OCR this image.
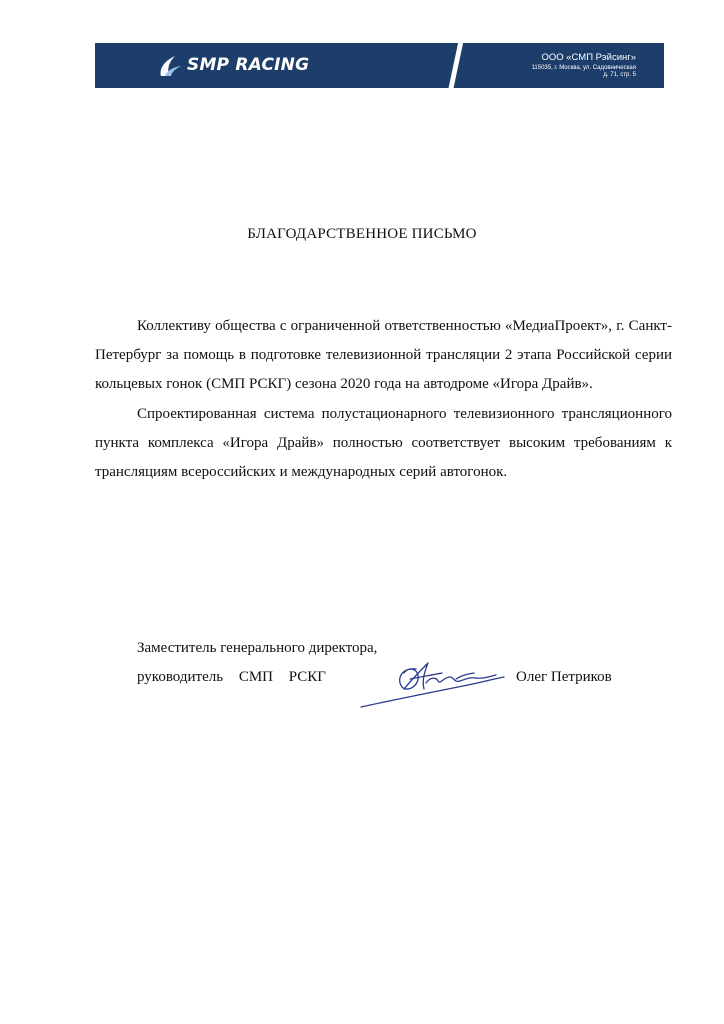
SMP RACING	ООО «СМП Рэйсинг»
115035, г. Москва, ул. Садовническая
д. 71, стр. 5
БЛАГОДАРСТВЕННОЕ ПИСЬМО

Коллективу общества с ограниченной ответственностью «МедиаПроект», г. Санкт-Петербург за помощь в подготовке телевизионной трансляции 2 этапа Российской серии кольцевых гонок (СМП РСКГ) сезона 2020 года на автодроме «Игора Драйв».

Спроектированная система полустационарного телевизионного трансляционного пункта комплекса «Игора Драйв» полностью соответствует высоким требованиям к трансляциям всероссийских и международных серий автогонок.

Заместитель генерального директора,
руководитель СМП РСКГ	Олег Петриков
